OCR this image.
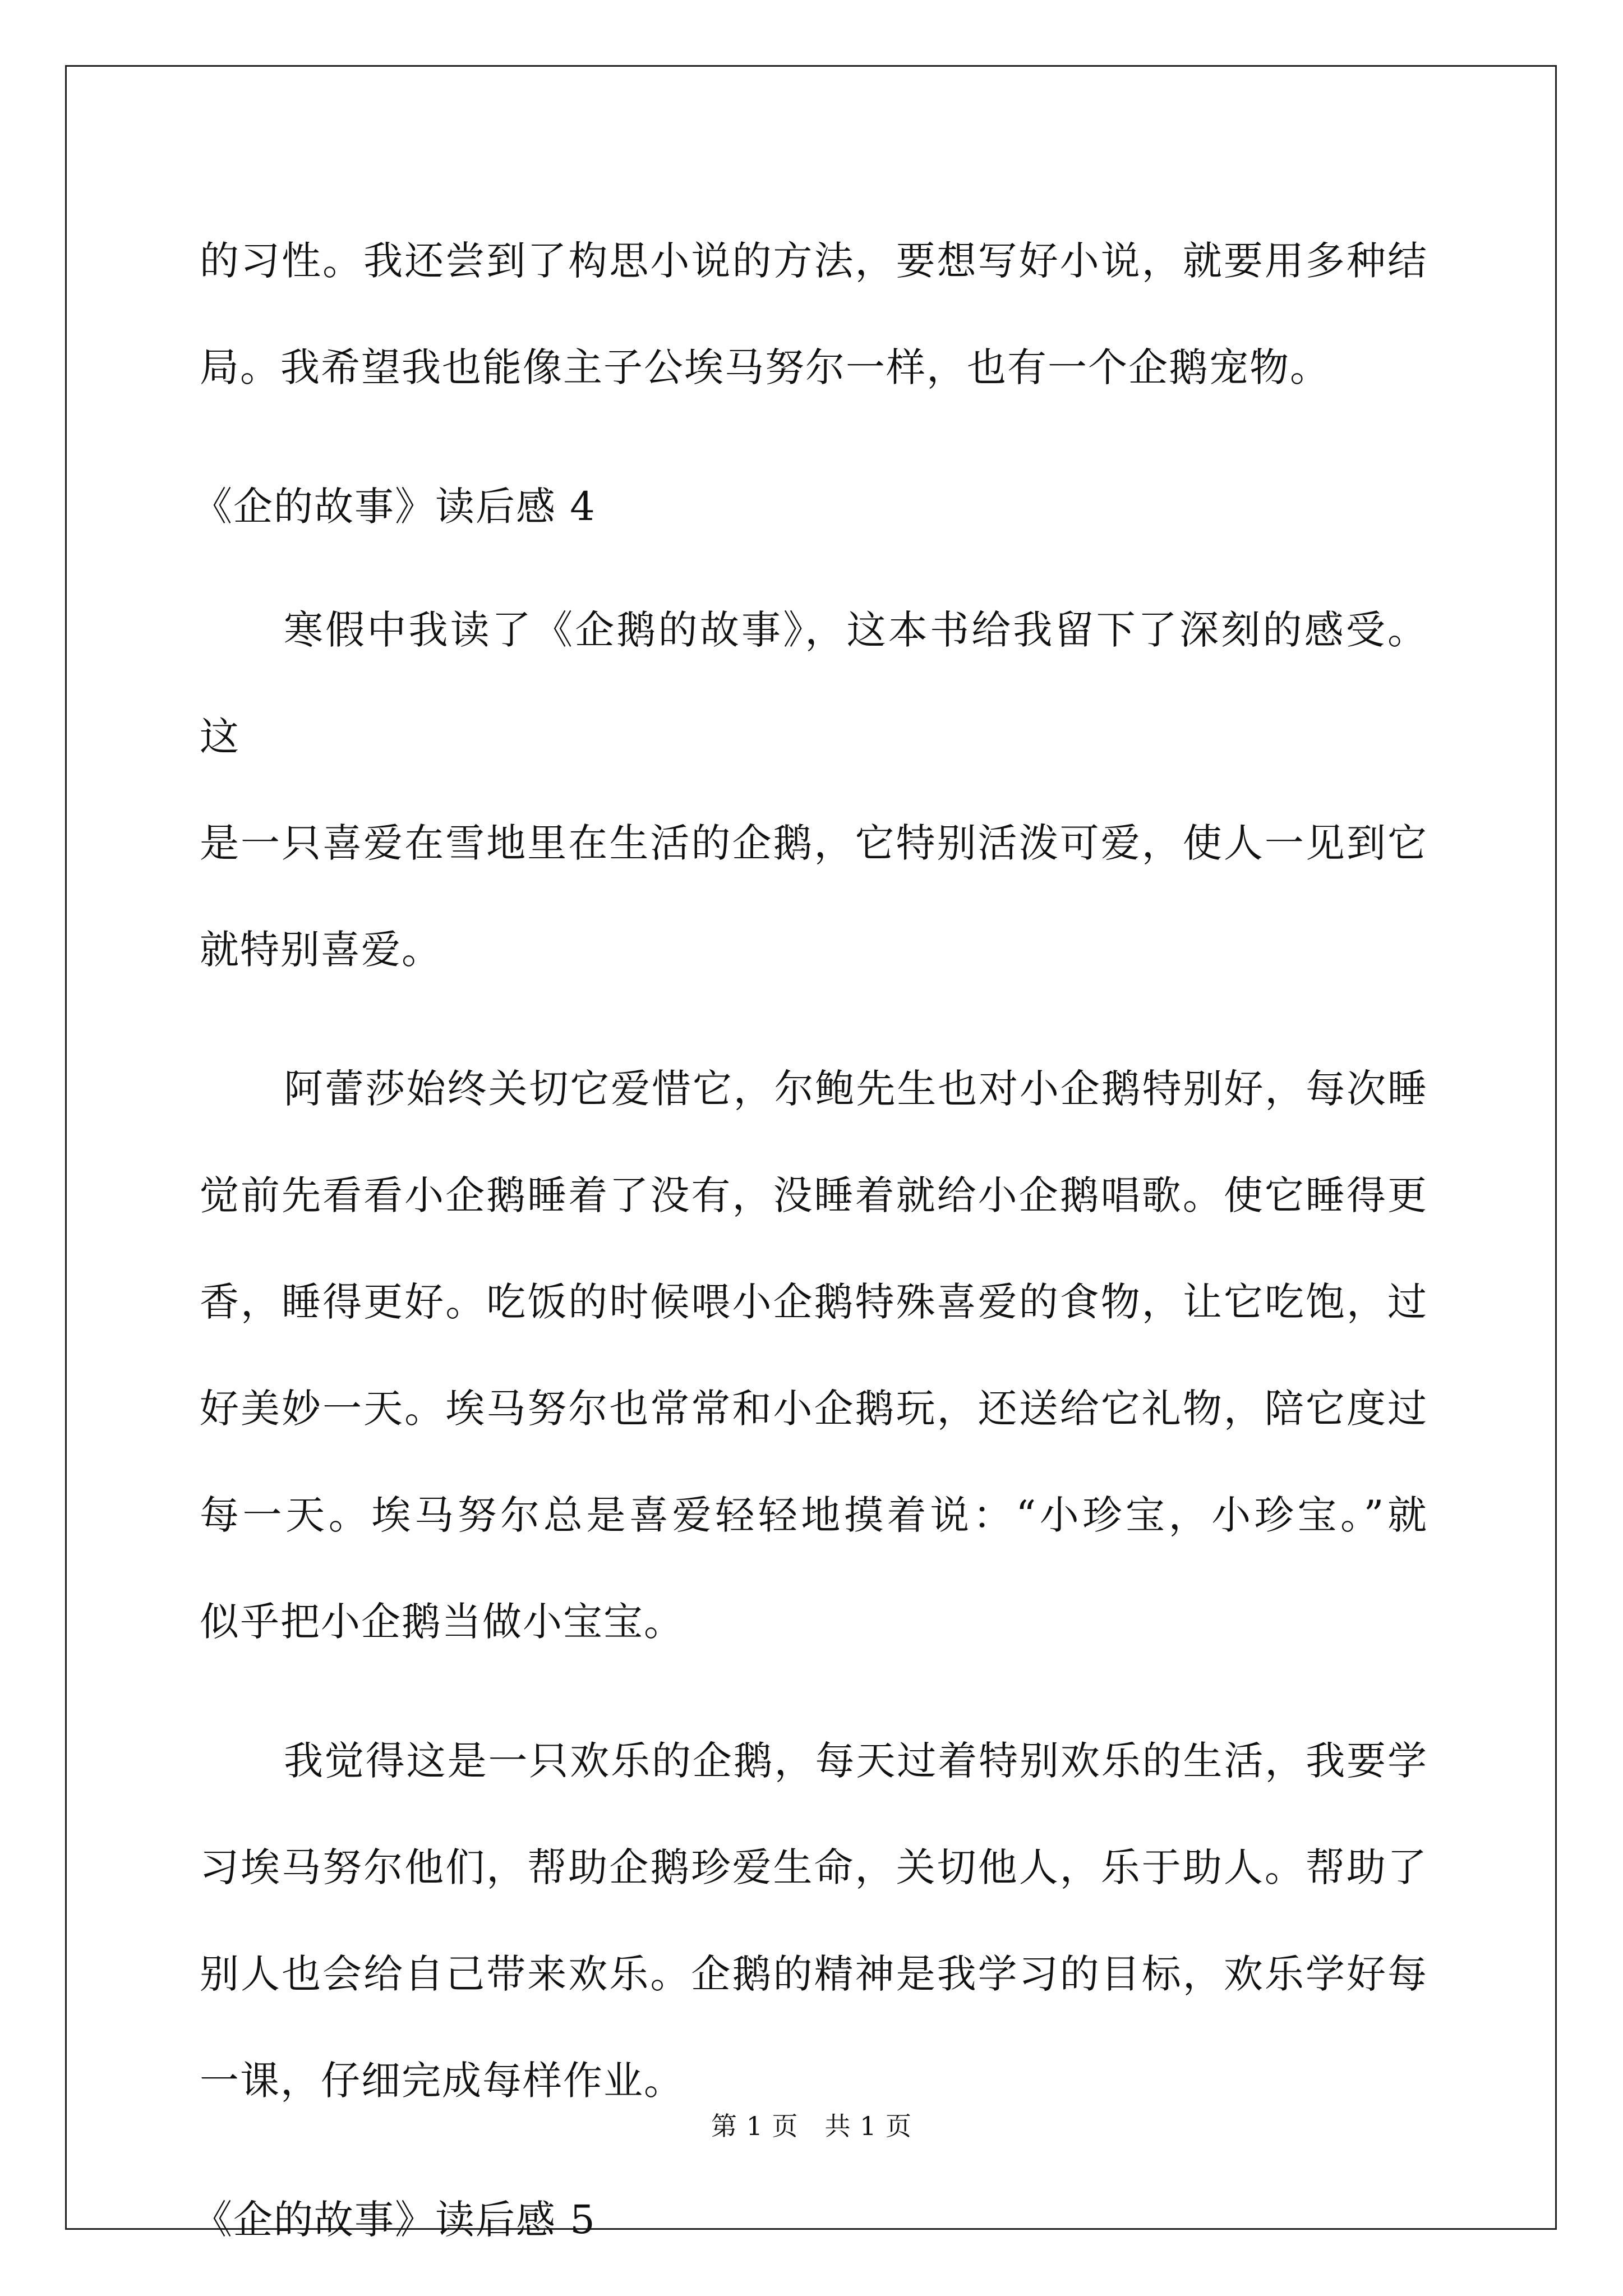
的习性。我还尝到了构思小说的方法，要想写好小说，就要用多种结
局。我希望我也能像主子公埃马努尔一样，也有一个企鹅宠物。
《企的故事》读后感 4
寒假中我读了《企鹅的故事》，这本书给我留下了深刻的感受。这
是一只喜爱在雪地里在生活的企鹅，它特别活泼可爱，使人一见到它
就特别喜爱。
阿蕾莎始终关切它爱惜它，尔鲍先生也对小企鹅特别好，每次睡
觉前先看看小企鹅睡着了没有，没睡着就给小企鹅唱歌。使它睡得更
香，睡得更好。吃饭的时候喂小企鹅特殊喜爱的食物，让它吃饱，过
好美妙一天。埃马努尔也常常和小企鹅玩，还送给它礼物，陪它度过
每一天。埃马努尔总是喜爱轻轻地摸着说：“小珍宝，小珍宝。”就
似乎把小企鹅当做小宝宝。
我觉得这是一只欢乐的企鹅，每天过着特别欢乐的生活，我要学
习埃马努尔他们，帮助企鹅珍爱生命，关切他人，乐于助人。帮助了
别人也会给自己带来欢乐。企鹅的精神是我学习的目标，欢乐学好每
一课，仔细完成每样作业。
《企的故事》读后感 5
第 1 页　共 1 页
